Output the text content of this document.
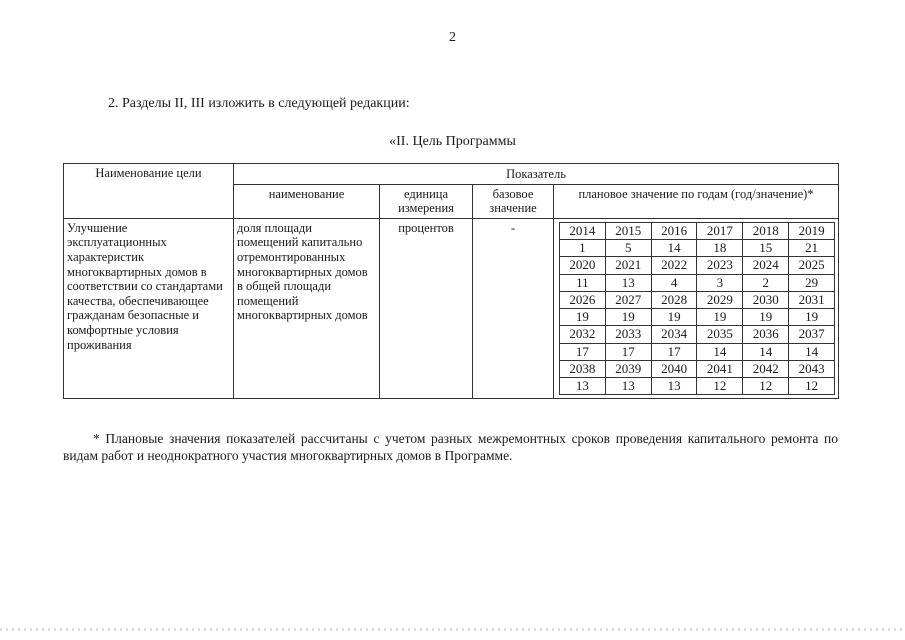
2
2. Разделы II, III изложить в следующей редакции:
«II. Цель Программы
Наименование цели	Показатель
наименование	единица измерения	базовое значение	плановое значение по годам (год/значение)*
Улучшение эксплуатационных характеристик многоквартирных домов в соответствии со стандартами качества, обеспечивающее гражданам безопасные и комфортные условия проживания	доля площади помещений капитально отремонтированных многоквартирных домов в общей площади помещений многоквартирных домов	процентов	-		2014	2015	2016	2017	2018	2019
1	5	14	18	15	21
2020	2021	2022	2023	2024	2025
11	13	4	3	2	29
2026	2027	2028	2029	2030	2031
19	19	19	19	19	19
2032	2033	2034	2035	2036	2037
17	17	17	14	14	14
2038	2039	2040	2041	2042	2043
13	13	13	12	12	12
* Плановые значения показателей рассчитаны с учетом разных межремонтных сроков проведения капитального ремонта по видам работ и неоднократного участия многоквартирных домов в Программе.
